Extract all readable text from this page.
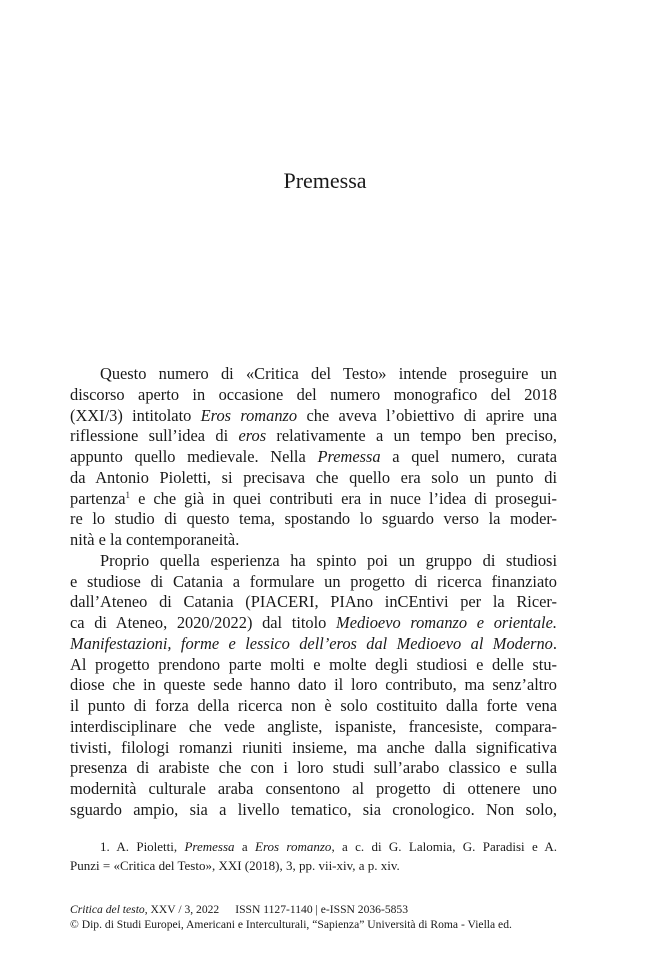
Premessa
Questo numero di «Critica del Testo» intende proseguire un
discorso aperto in occasione del numero monografico del 2018
(XXI/3) intitolato Eros romanzo che aveva l’obiettivo di aprire una
riflessione sull’idea di eros relativamente a un tempo ben preciso,
appunto quello medievale. Nella Premessa a quel numero, curata
da Antonio Pioletti, si precisava che quello era solo un punto di
partenza$^1$ e che già in quei contributi era in nuce l’idea di prosegui-
re lo studio di questo tema, spostando lo sguardo verso la moder-
nità e la contemporaneità.
Proprio quella esperienza ha spinto poi un gruppo di studiosi
e studiose di Catania a formulare un progetto di ricerca finanziato
dall’Ateneo di Catania (PIACERI, PIAno inCEntivi per la Ricer-
ca di Ateneo, 2020/2022) dal titolo Medioevo romanzo e orientale.
Manifestazioni, forme e lessico dell’eros dal Medioevo al Moderno.
Al progetto prendono parte molti e molte degli studiosi e delle stu-
diose che in queste sede hanno dato il loro contributo, ma senz’altro
il punto di forza della ricerca non è solo costituito dalla forte vena
interdisciplinare che vede angliste, ispaniste, francesiste, compara-
tivisti, filologi romanzi riuniti insieme, ma anche dalla significativa
presenza di arabiste che con i loro studi sull’arabo classico e sulla
modernità culturale araba consentono al progetto di ottenere uno
sguardo ampio, sia a livello tematico, sia cronologico. Non solo,
1. A. Pioletti, Premessa a Eros romanzo, a c. di G. Lalomia, G. Paradisi e A.
Punzi = «Critica del Testo», XXI (2018), 3, pp. vii-xiv, a p. xiv.
Critica del testo, XXV / 3, 2022 ISSN 1127-1140 | e-ISSN 2036-5853
© Dip. di Studi Europei, Americani e Interculturali, “Sapienza” Università di Roma - Viella ed.
